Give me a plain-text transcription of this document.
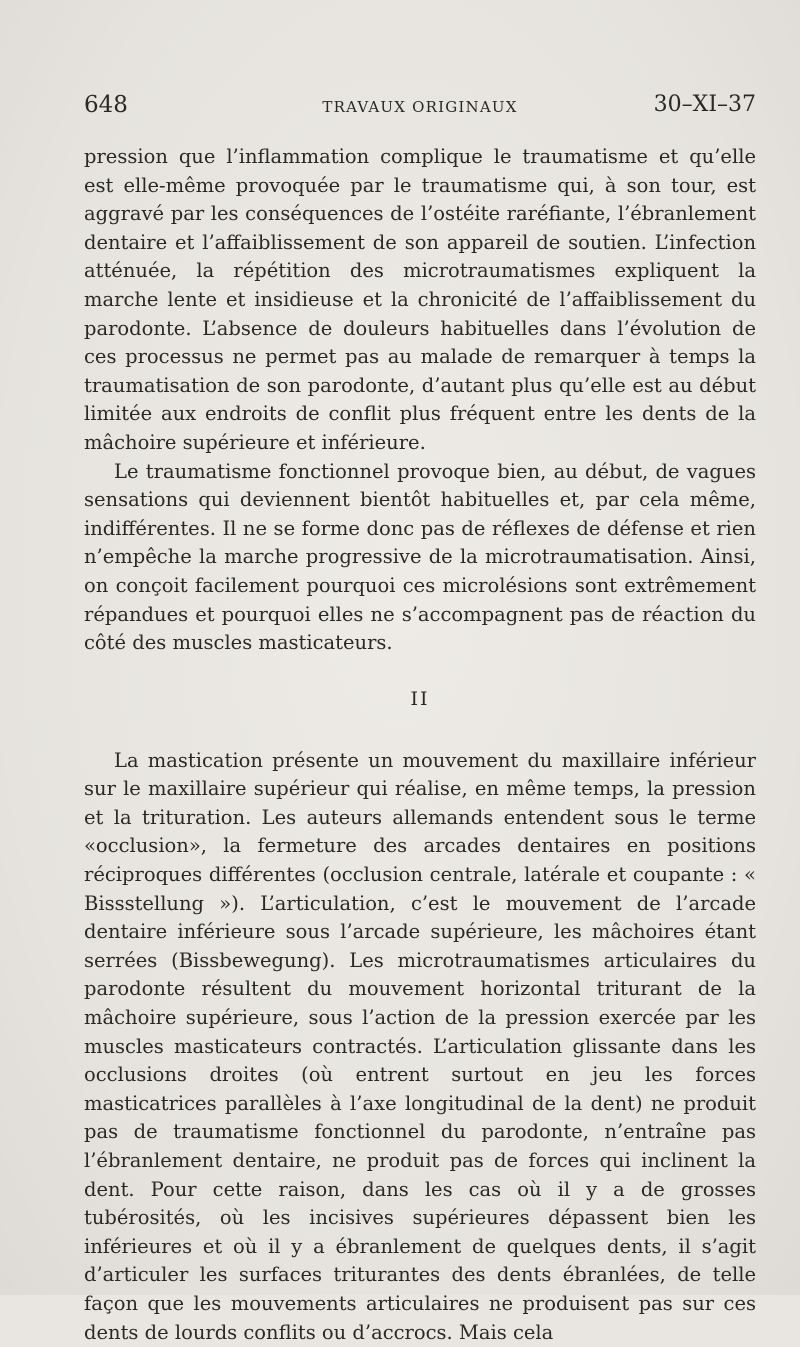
648	TRAVAUX ORIGINAUX	30–XI–37

pression que l’inflammation complique le traumatisme et qu’elle est elle-même provoquée par le traumatisme qui, à son tour, est aggravé par les conséquences de l’ostéite raréfiante, l’ébranlement dentaire et l’affaiblissement de son appareil de soutien. L’infection atténuée, la répétition des microtraumatismes expliquent la marche lente et insidieuse et la chronicité de l’affaiblissement du parodonte. L’absence de douleurs habituelles dans l’évolution de ces processus ne permet pas au malade de remarquer à temps la traumatisation de son parodonte, d’autant plus qu’elle est au début limitée aux endroits de conflit plus fréquent entre les dents de la mâchoire supérieure et inférieure.

Le traumatisme fonctionnel provoque bien, au début, de vagues sensations qui deviennent bientôt habituelles et, par cela même, indifférentes. Il ne se forme donc pas de réflexes de défense et rien n’empêche la marche progressive de la microtraumatisation. Ainsi, on conçoit facilement pourquoi ces microlésions sont extrêmement répandues et pourquoi elles ne s’accompagnent pas de réaction du côté des muscles masticateurs.

II

La mastication présente un mouvement du maxillaire inférieur sur le maxillaire supérieur qui réalise, en même temps, la pression et la trituration. Les auteurs allemands entendent sous le terme «occlusion», la fermeture des arcades dentaires en positions réciproques différentes (occlusion centrale, latérale et coupante : « Bissstellung »). L’articulation, c’est le mouvement de l’arcade dentaire inférieure sous l’arcade supérieure, les mâchoires étant serrées (Bissbewegung). Les microtraumatismes articulaires du parodonte résultent du mouvement horizontal triturant de la mâchoire supérieure, sous l’action de la pression exercée par les muscles masticateurs contractés. L’articulation glissante dans les occlusions droites (où entrent surtout en jeu les forces masticatrices parallèles à l’axe longitudinal de la dent) ne produit pas de traumatisme fonctionnel du parodonte, n’entraîne pas l’ébranlement dentaire, ne produit pas de forces qui inclinent la dent. Pour cette raison, dans les cas où il y a de grosses tubérosités, où les incisives supérieures dépassent bien les inférieures et où il y a ébranlement de quelques dents, il s’agit d’articuler les surfaces triturantes des dents ébranlées, de telle façon que les mouvements articulaires ne produisent pas sur ces dents de lourds conflits ou d’accrocs. Mais cela
